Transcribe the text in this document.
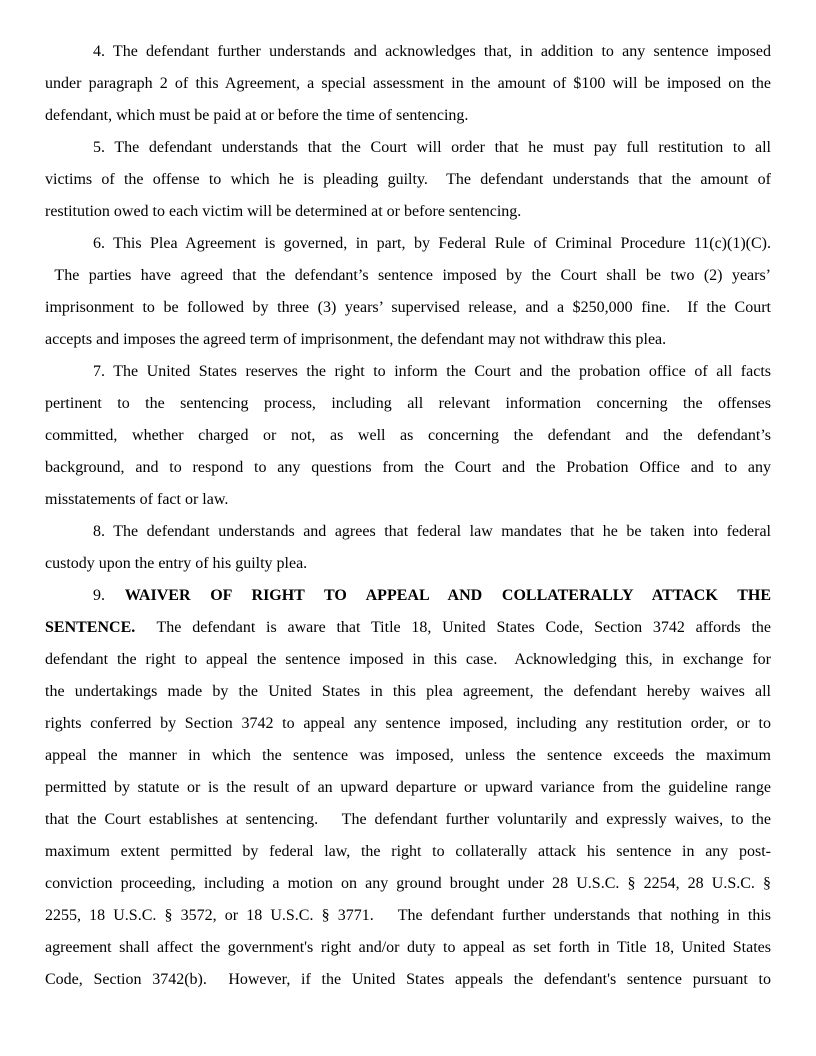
4. The defendant further understands and acknowledges that, in addition to any sentence imposed
under paragraph 2 of this Agreement, a special assessment in the amount of $100 will be imposed on the
defendant, which must be paid at or before the time of sentencing.
5. The defendant understands that the Court will order that he must pay full restitution to all
victims of the offense to which he is pleading guilty.  The defendant understands that the amount of
restitution owed to each victim will be determined at or before sentencing.
6. This Plea Agreement is governed, in part, by Federal Rule of Criminal Procedure 11(c)(1)(C).
The parties have agreed that the defendant’s sentence imposed by the Court shall be two (2) years’
imprisonment to be followed by three (3) years’ supervised release, and a $250,000 fine.  If the Court
accepts and imposes the agreed term of imprisonment, the defendant may not withdraw this plea.
7. The United States reserves the right to inform the Court and the probation office of all facts
pertinent to the sentencing process, including all relevant information concerning the offenses
committed, whether charged or not, as well as concerning the defendant and the defendant’s
background, and to respond to any questions from the Court and the Probation Office and to any
misstatements of fact or law.
8. The defendant understands and agrees that federal law mandates that he be taken into federal
custody upon the entry of his guilty plea.
9. WAIVER OF RIGHT TO APPEAL AND COLLATERALLY ATTACK THE
SENTENCE.  The defendant is aware that Title 18, United States Code, Section 3742 affords the
defendant the right to appeal the sentence imposed in this case.  Acknowledging this, in exchange for
the undertakings made by the United States in this plea agreement, the defendant hereby waives all
rights conferred by Section 3742 to appeal any sentence imposed, including any restitution order, or to
appeal the manner in which the sentence was imposed, unless the sentence exceeds the maximum
permitted by statute or is the result of an upward departure or upward variance from the guideline range
that the Court establishes at sentencing.   The defendant further voluntarily and expressly waives, to the
maximum extent permitted by federal law, the right to collaterally attack his sentence in any post-
conviction proceeding, including a motion on any ground brought under 28 U.S.C. § 2254, 28 U.S.C. §
2255, 18 U.S.C. § 3572, or 18 U.S.C. § 3771.   The defendant further understands that nothing in this
agreement shall affect the government's right and/or duty to appeal as set forth in Title 18, United States
Code, Section 3742(b).  However, if the United States appeals the defendant's sentence pursuant to
